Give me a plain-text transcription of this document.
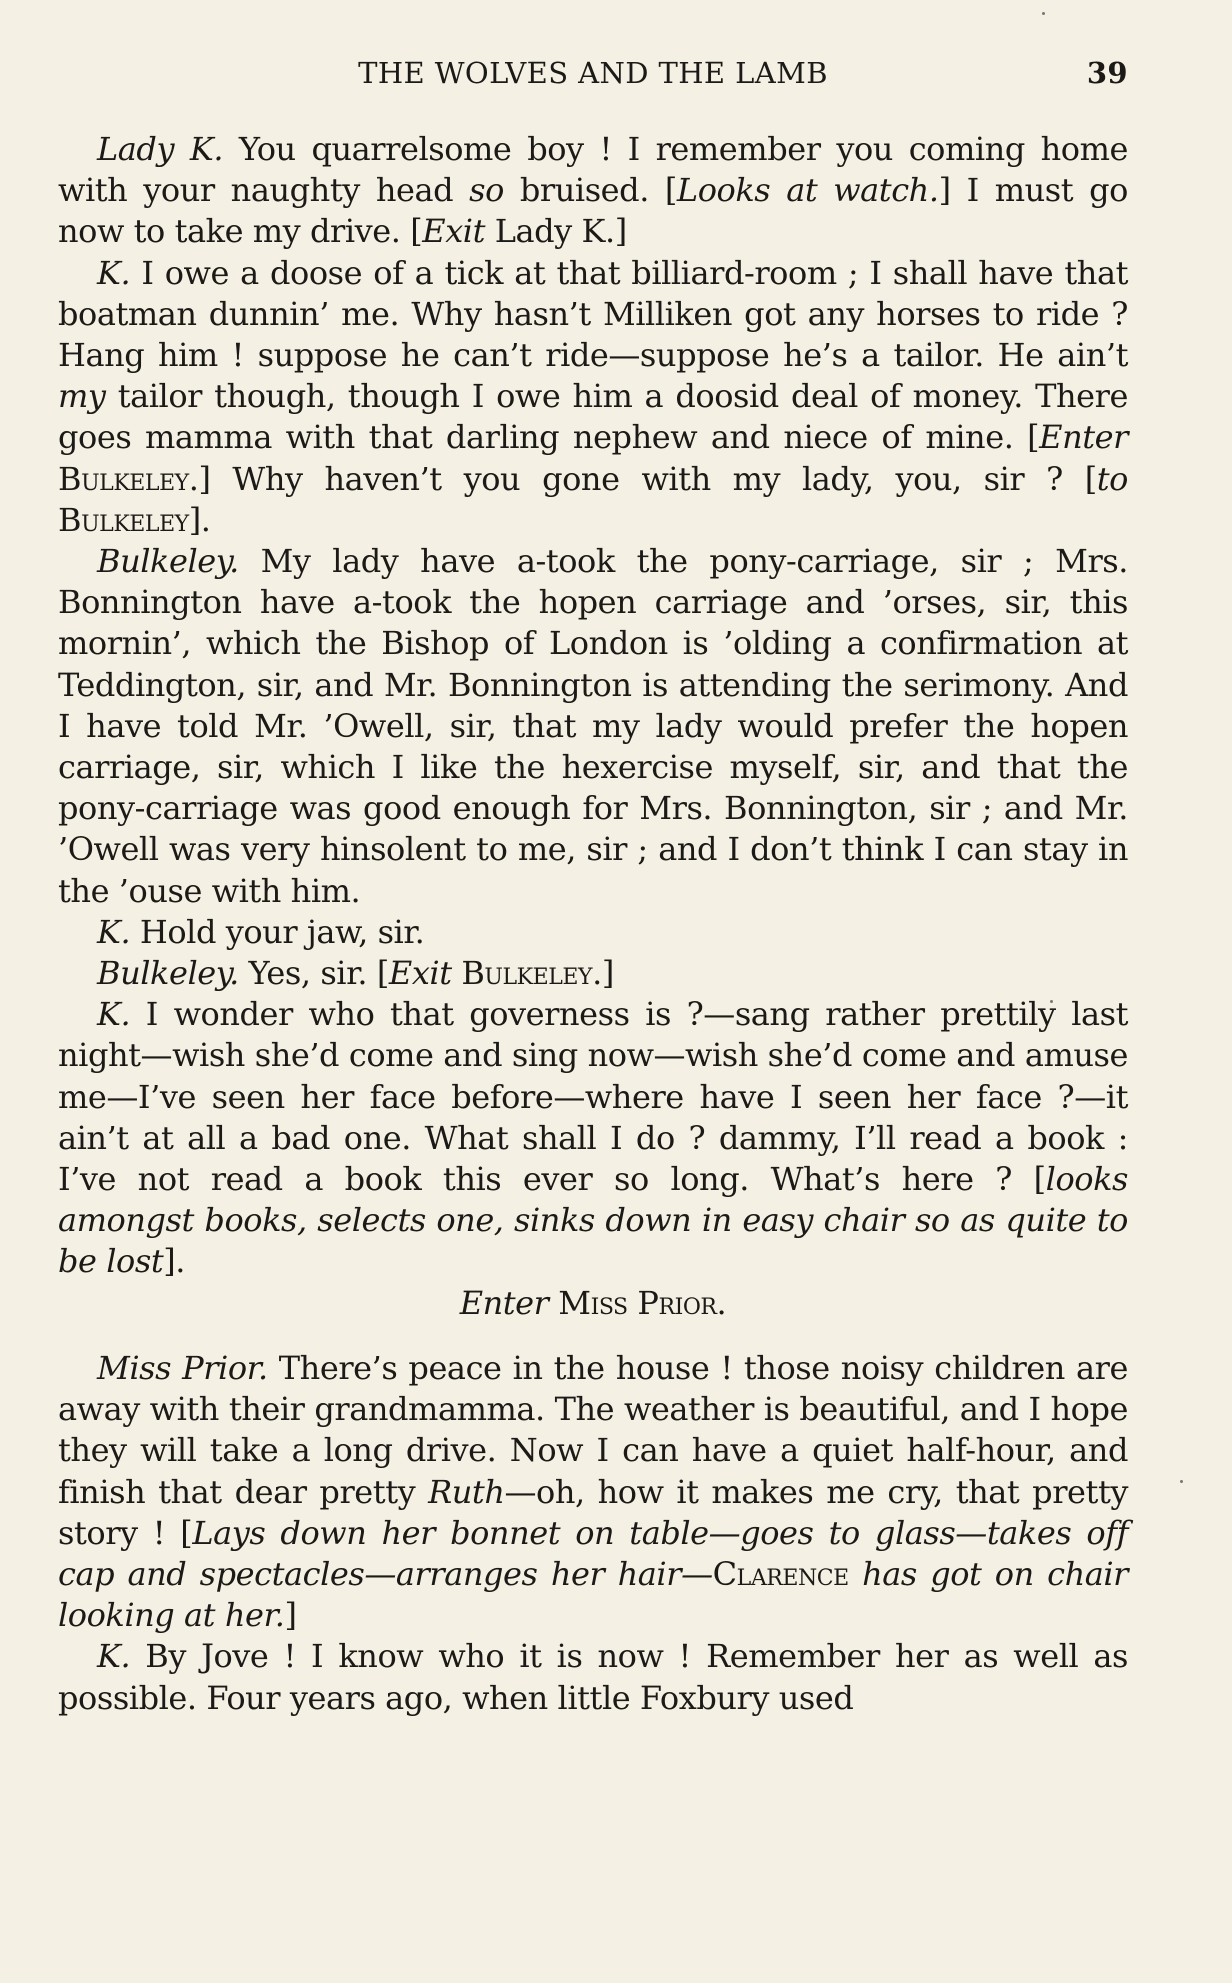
THE WOLVES AND THE LAMB	39

Lady K. You quarrelsome boy ! I remember you coming home with your naughty head so bruised. [Looks at watch.] I must go now to take my drive. [Exit Lady K.]

K. I owe a doose of a tick at that billiard-room ; I shall have that boatman dunnin’ me. Why hasn’t Milliken got any horses to ride ? Hang him ! suppose he can’t ride—suppose he’s a tailor. He ain’t my tailor though, though I owe him a doosid deal of money. There goes mamma with that darling nephew and niece of mine. [Enter Bulkeley.] Why haven’t you gone with my lady, you, sir ? [to Bulkeley].

Bulkeley. My lady have a-took the pony-carriage, sir ; Mrs. Bonnington have a-took the hopen carriage and ’orses, sir, this mornin’, which the Bishop of London is ’olding a confirmation at Teddington, sir, and Mr. Bonnington is attending the serimony. And I have told Mr. ’Owell, sir, that my lady would prefer the hopen carriage, sir, which I like the hexercise myself, sir, and that the pony-carriage was good enough for Mrs. Bonnington, sir ; and Mr. ’Owell was very hinsolent to me, sir ; and I don’t think I can stay in the ’ouse with him.

K. Hold your jaw, sir.

Bulkeley. Yes, sir. [Exit Bulkeley.]

K. I wonder who that governess is ?—sang rather prettily last night—wish she’d come and sing now—wish she’d come and amuse me—I’ve seen her face before—where have I seen her face ?—it ain’t at all a bad one. What shall I do ? dammy, I’ll read a book : I’ve not read a book this ever so long. What’s here ? [looks amongst books, selects one, sinks down in easy chair so as quite to be lost].

Enter Miss Prior.

Miss Prior. There’s peace in the house ! those noisy children are away with their grandmamma. The weather is beautiful, and I hope they will take a long drive. Now I can have a quiet half-hour, and finish that dear pretty Ruth—oh, how it makes me cry, that pretty story ! [Lays down her bonnet on table—goes to glass—takes off cap and spectacles—arranges her hair—Clarence has got on chair looking at her.]

K. By Jove ! I know who it is now ! Remember her as well as possible. Four years ago, when little Foxbury used
